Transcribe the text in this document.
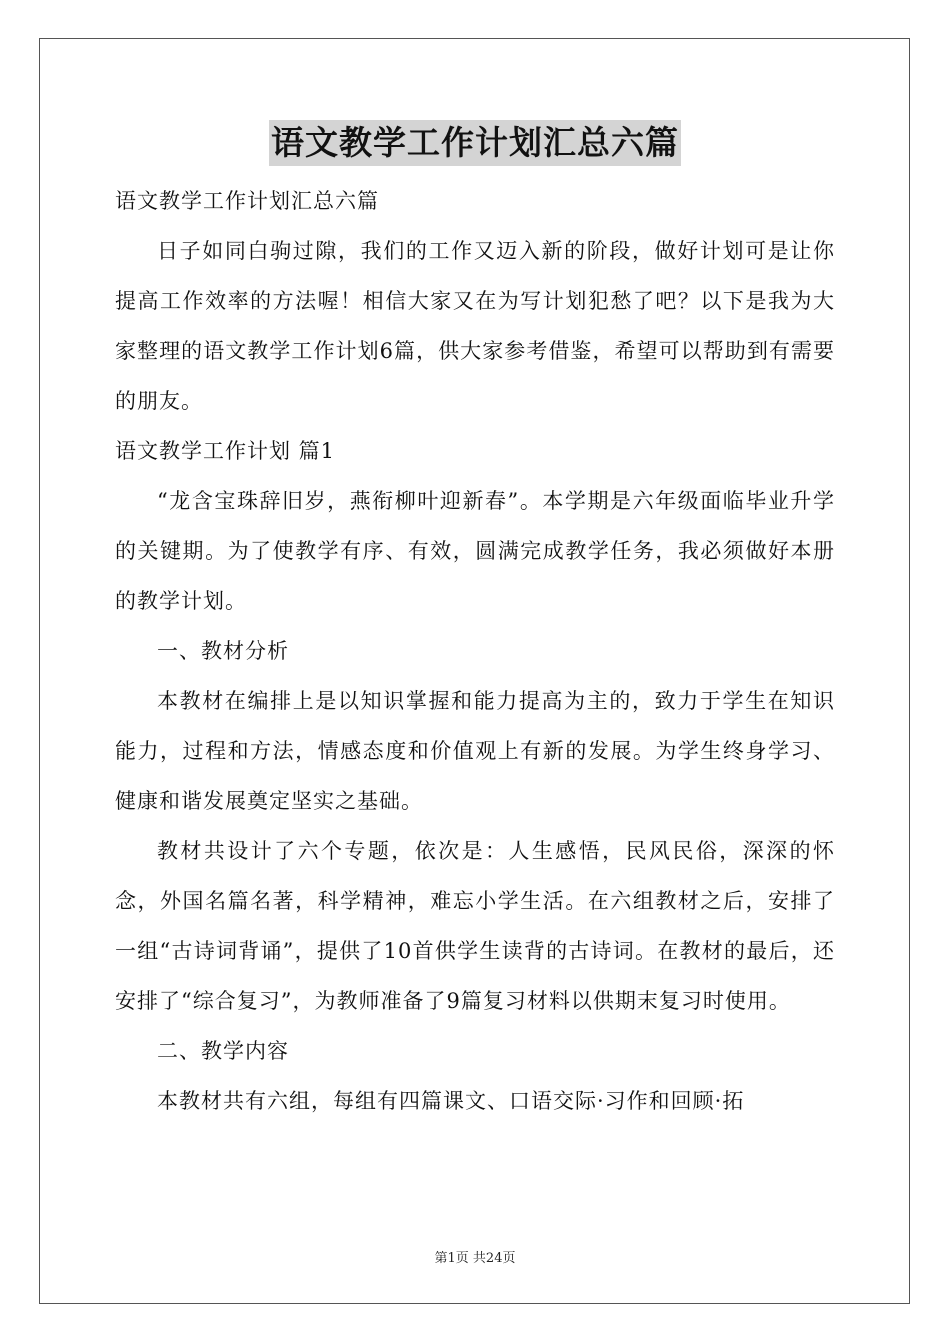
语文教学工作计划汇总六篇

语文教学工作计划汇总六篇

日子如同白驹过隙，我们的工作又迈入新的阶段，做好计划可是让你提高工作效率的方法喔！相信大家又在为写计划犯愁了吧？以下是我为大家整理的语文教学工作计划6篇，供大家参考借鉴，希望可以帮助到有需要的朋友。

语文教学工作计划 篇1

“龙含宝珠辞旧岁，燕衔柳叶迎新春”。本学期是六年级面临毕业升学的关键期。为了使教学有序、有效，圆满完成教学任务，我必须做好本册的教学计划。

一、教材分析

本教材在编排上是以知识掌握和能力提高为主的，致力于学生在知识能力，过程和方法，情感态度和价值观上有新的发展。为学生终身学习、健康和谐发展奠定坚实之基础。

教材共设计了六个专题，依次是：人生感悟，民风民俗，深深的怀念，外国名篇名著，科学精神，难忘小学生活。在六组教材之后，安排了一组“古诗词背诵”，提供了10首供学生读背的古诗词。在教材的最后，还安排了“综合复习”，为教师准备了9篇复习材料以供期末复习时使用。

二、教学内容

本教材共有六组，每组有四篇课文、口语交际·习作和回顾·拓

第1页 共24页
